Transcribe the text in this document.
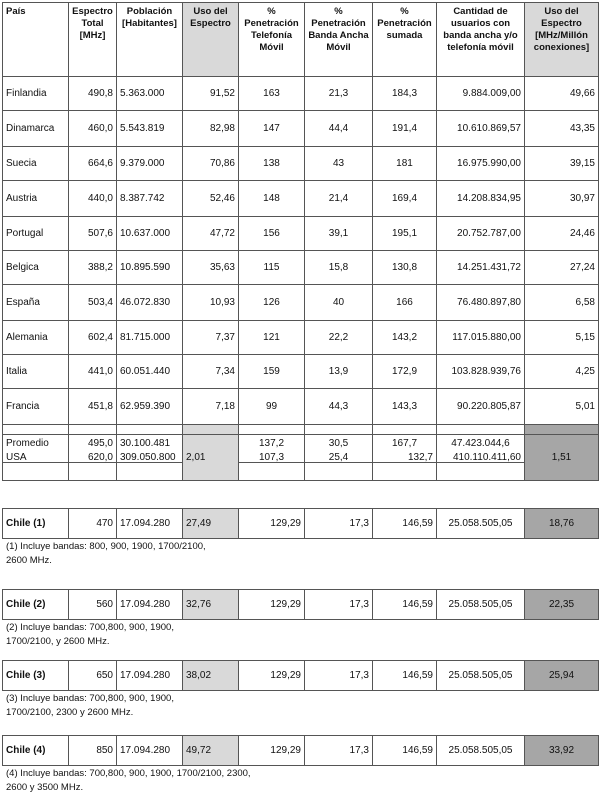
País	Espectro Total [MHz]	Población [Habitantes]	Uso del Espectro	% Penetración Telefonía Móvil	% Penetración Banda Ancha Móvil	% Penetración sumada	Cantidad de usuarios con banda ancha y/o telefonía móvil	Uso del Espectro [MHz/Millón conexiones]
Finlandia	490,8	5.363.000	91,52	163	21,3	184,3	9.884.009,00	49,66
Dinamarca	460,0	5.543.819	82,98	147	44,4	191,4	10.610.869,57	43,35
Suecia	664,6	9.379.000	70,86	138	43	181	16.975.990,00	39,15
Austria	440,0	8.387.742	52,46	148	21,4	169,4	14.208.834,95	30,97
Portugal	507,6	10.637.000	47,72	156	39,1	195,1	20.752.787,00	24,46
Belgica	388,2	10.895.590	35,63	115	15,8	130,8	14.251.431,72	27,24
España	503,4	46.072.830	10,93	126	40	166	76.480.897,80	6,58
Alemania	602,4	81.715.000	7,37	121	22,2	143,2	117.015.880,00	5,15
Italia	441,0	60.051.440	7,34	159	13,9	172,9	103.828.939,76	4,25
Francia	451,8	62.959.390	7,18	99	44,3	143,3	90.220.805,87	5,01
Promedio	495,0	30.100.481		137,2	30,5	167,7	47.423.044,6	
USA	620,0	309.050.800	2,01	107,3	25,4	132,7	410.110.411,60	1,51
Chile (1)	470	17.094.280	27,49	129,29	17,3	146,59	25.058.505,05	18,76
(1) Incluye bandas: 800, 900, 1900, 1700/2100,
2600 MHz.
Chile (2)	560	17.094.280	32,76	129,29	17,3	146,59	25.058.505,05	22,35
(2) Incluye bandas: 700,800, 900, 1900,
1700/2100, y 2600 MHz.
Chile (3)	650	17.094.280	38,02	129,29	17,3	146,59	25.058.505,05	25,94
(3) Incluye bandas: 700,800, 900, 1900,
1700/2100, 2300 y 2600 MHz.
Chile (4)	850	17.094.280	49,72	129,29	17,3	146,59	25.058.505,05	33,92
(4) Incluye bandas: 700,800, 900, 1900, 1700/2100, 2300,
2600 y 3500 MHz.
